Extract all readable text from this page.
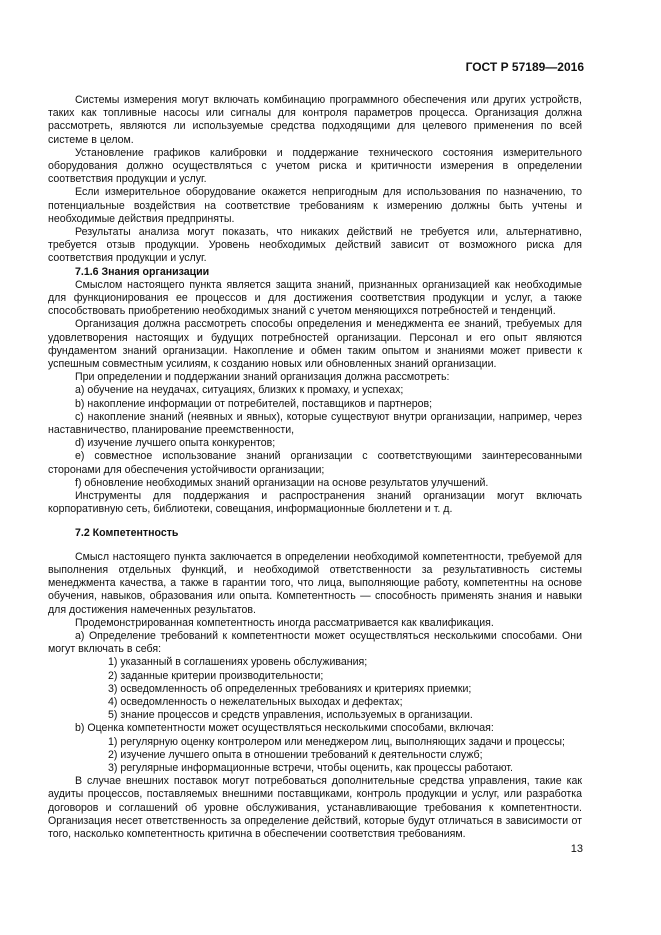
ГОСТ Р 57189—2016

Системы измерения могут включать комбинацию программного обеспечения или других устройств, таких как топливные насосы или сигналы для контроля параметров процесса. Организация должна рассмотреть, являются ли используемые средства подходящими для целевого применения по всей системе в целом.

Установление графиков калибровки и поддержание технического состояния измерительного оборудования должно осуществляться с учетом риска и критичности измерения в определении соответствия продукции и услуг.

Если измерительное оборудование окажется непригодным для использования по назначению, то потенциальные воздействия на соответствие требованиям к измерению должны быть учтены и необходимые действия предприняты.

Результаты анализа могут показать, что никаких действий не требуется или, альтернативно, требуется отзыв продукции. Уровень необходимых действий зависит от возможного риска для соответствия продукции и услуг.

7.1.6 Знания организации

Смыслом настоящего пункта является защита знаний, признанных организацией как необходимые для функционирования ее процессов и для достижения соответствия продукции и услуг, а также способствовать приобретению необходимых знаний с учетом меняющихся потребностей и тенденций.

Организация должна рассмотреть способы определения и менеджмента ее знаний, требуемых для удовлетворения настоящих и будущих потребностей организации. Персонал и его опыт являются фундаментом знаний организации. Накопление и обмен таким опытом и знаниями может привести к успешным совместным усилиям, к созданию новых или обновленных знаний организации.

При определении и поддержании знаний организация должна рассмотреть:

a) обучение на неудачах, ситуациях, близких к промаху, и успехах;

b) накопление информации от потребителей, поставщиков и партнеров;

c) накопление знаний (неявных и явных), которые существуют внутри организации, например, через наставничество, планирование преемственности,

d) изучение лучшего опыта конкурентов;

e) совместное использование знаний организации с соответствующими заинтересованными сторонами для обеспечения устойчивости организации;

f) обновление необходимых знаний организации на основе результатов улучшений.

Инструменты для поддержания и распространения знаний организации могут включать корпоративную сеть, библиотеки, совещания, информационные бюллетени и т. д.

7.2 Компетентность

Смысл настоящего пункта заключается в определении необходимой компетентности, требуемой для выполнения отдельных функций, и необходимой ответственности за результативность системы менеджмента качества, а также в гарантии того, что лица, выполняющие работу, компетентны на основе обучения, навыков, образования или опыта. Компетентность — способность применять знания и навыки для достижения намеченных результатов.

Продемонстрированная компетентность иногда рассматривается как квалификация.

a) Определение требований к компетентности может осуществляться несколькими способами. Они могут включать в себя:

1) указанный в соглашениях уровень обслуживания;

2) заданные критерии производительности;

3) осведомленность об определенных требованиях и критериях приемки;

4) осведомленность о нежелательных выходах и дефектах;

5) знание процессов и средств управления, используемых в организации.

b) Оценка компетентности может осуществляться несколькими способами, включая:

1) регулярную оценку контролером или менеджером лиц, выполняющих задачи и процессы;

2) изучение лучшего опыта в отношении требований к деятельности служб;

3) регулярные информационные встречи, чтобы оценить, как процессы работают.

В случае внешних поставок могут потребоваться дополнительные средства управления, такие как аудиты процессов, поставляемых внешними поставщиками, контроль продукции и услуг, или разработка договоров и соглашений об уровне обслуживания, устанавливающие требования к компетентности. Организация несет ответственность за определение действий, которые будут отличаться в зависимости от того, насколько компетентность критична в обеспечении соответствия требованиям.

13
